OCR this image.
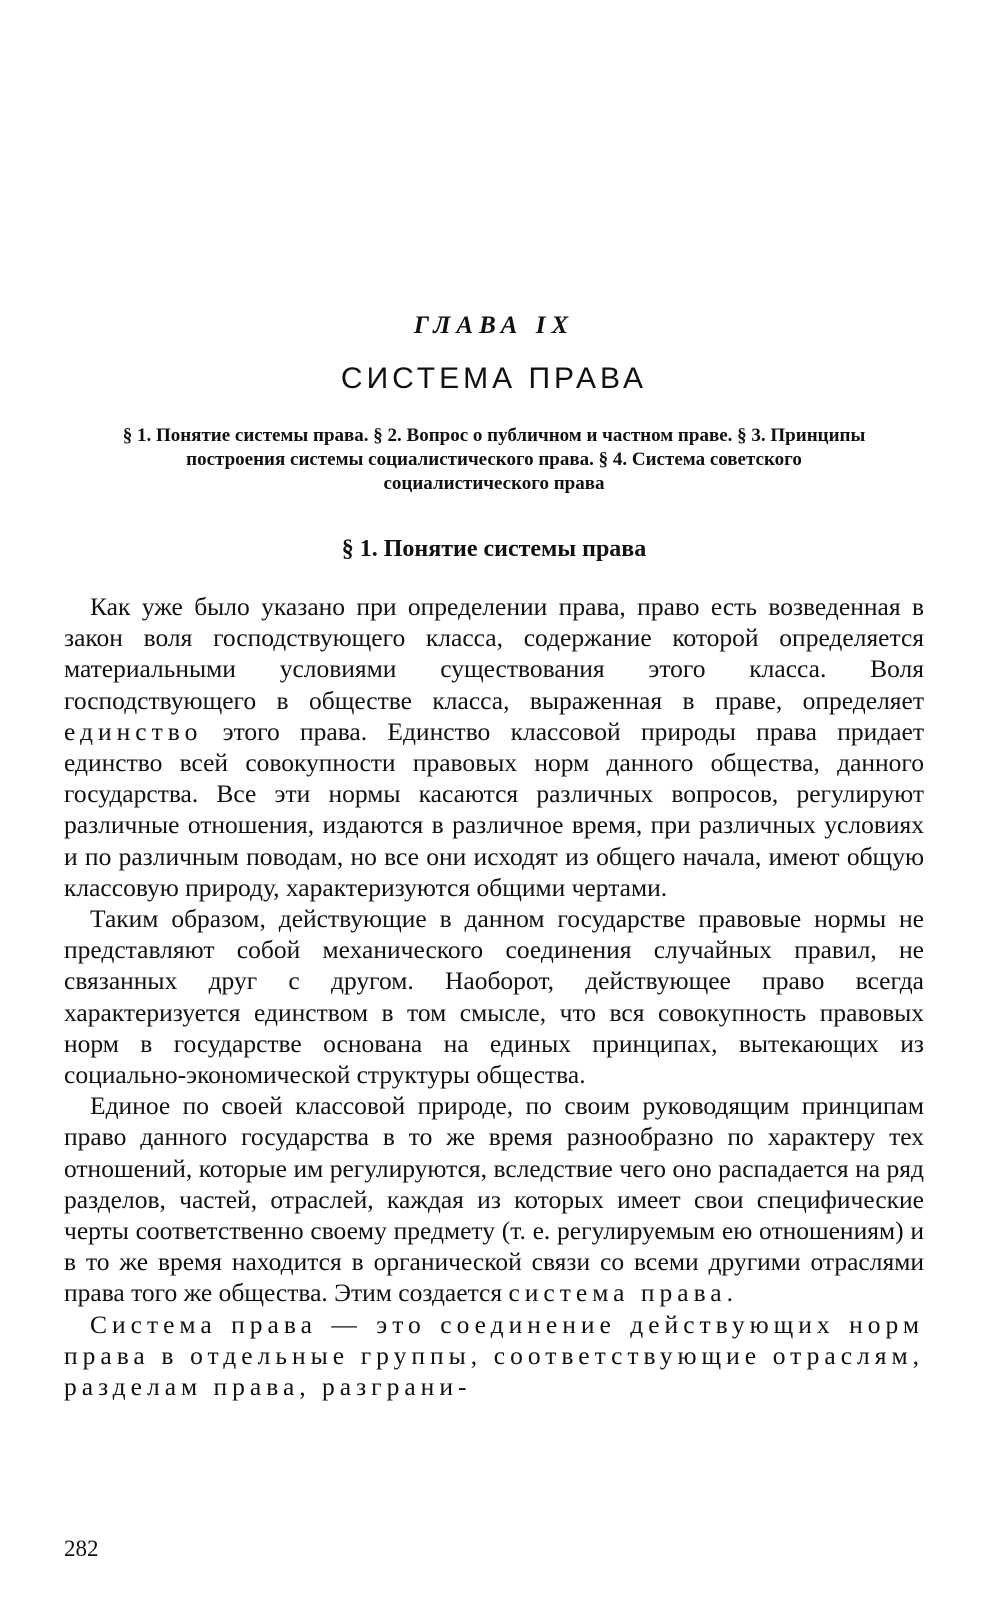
ГЛАВА IX
СИСТЕМА ПРАВА

§ 1. Понятие системы права. § 2. Вопрос о публичном и частном праве. § 3. Принципы построения системы социалистического права. § 4. Система советского социалистического права

§ 1. Понятие системы права

Как уже было указано при определении права, право есть возведенная в закон воля господствующего класса, содержание которой определяется материальными условиями существования этого класса. Воля господствующего в обществе класса, выраженная в праве, определяет единство этого права. Единство классовой природы права придает единство всей совокупности правовых норм данного общества, данного государства. Все эти нормы касаются различных вопросов, регулируют различные отношения, издаются в различное время, при различных условиях и по различным поводам, но все они исходят из общего начала, имеют общую классовую природу, характеризуются общими чертами.

Таким образом, действующие в данном государстве правовые нормы не представляют собой механического соединения случайных правил, не связанных друг с другом. Наоборот, действующее право всегда характеризуется единством в том смысле, что вся совокупность правовых норм в государстве основана на единых принципах, вытекающих из социально-экономической структуры общества.

Единое по своей классовой природе, по своим руководящим принципам право данного государства в то же время разнообразно по характеру тех отношений, которые им регулируются, вследствие чего оно распадается на ряд разделов, частей, отраслей, каждая из которых имеет свои специфические черты соответственно своему предмету (т. е. регулируемым ею отношениям) и в то же время находится в органической связи со всеми другими отраслями права того же общества. Этим создается система права.

Система права — это соединение действующих норм права в отдельные группы, соответствующие отраслям, разделам права, разграни-

282
